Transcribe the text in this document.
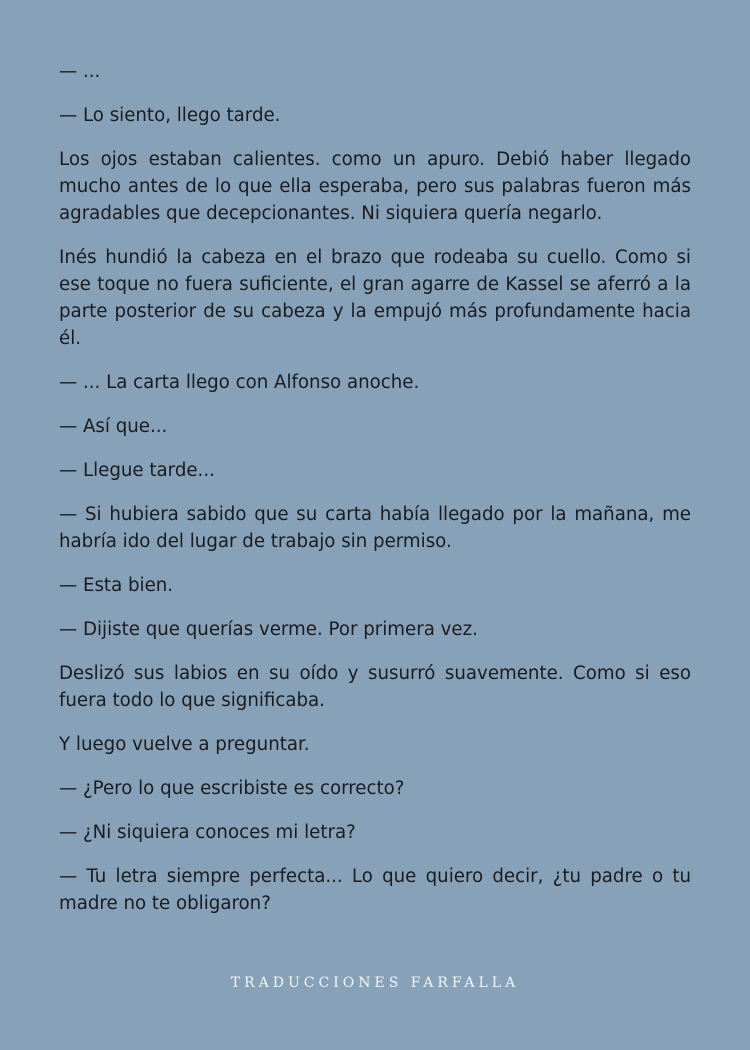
— ...

— Lo siento, llego tarde.

Los ojos estaban calientes. como un apuro. Debió haber llegado mucho antes de lo que ella esperaba, pero sus palabras fueron más agradables que decepcionantes. Ni siquiera quería negarlo.

Inés hundió la cabeza en el brazo que rodeaba su cuello. Como si ese toque no fuera suficiente, el gran agarre de Kassel se aferró a la parte posterior de su cabeza y la empujó más profundamente hacia él.

— ... La carta llego con Alfonso anoche.

— Así que...

— Llegue tarde...

— Si hubiera sabido que su carta había llegado por la mañana, me habría ido del lugar de trabajo sin permiso.

— Esta bien.

— Dijiste que querías verme. Por primera vez.

Deslizó sus labios en su oído y susurró suavemente. Como si eso fuera todo lo que significaba.

Y luego vuelve a preguntar.

— ¿Pero lo que escribiste es correcto?

— ¿Ni siquiera conoces mi letra?

— Tu letra siempre perfecta... Lo que quiero decir, ¿tu padre o tu madre no te obligaron?

TRADUCCIONES FARFALLA
